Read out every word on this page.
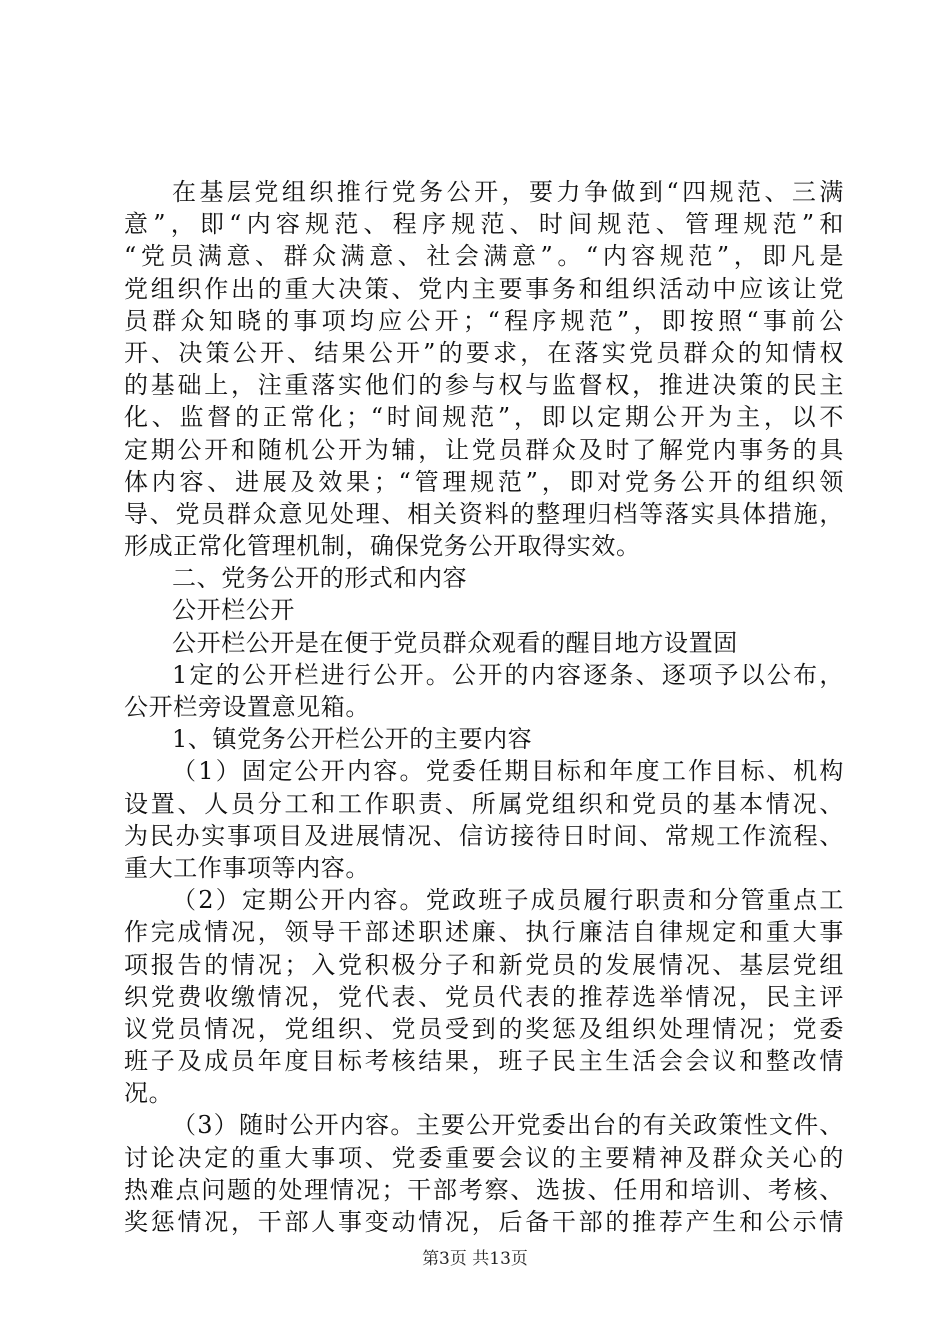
在基层党组织推行党务公开，要力争做到“四规范、三满
意”，即“内容规范、程序规范、时间规范、管理规范”和
“党员满意、群众满意、社会满意”。“内容规范”，即凡是
党组织作出的重大决策、党内主要事务和组织活动中应该让党
员群众知晓的事项均应公开；“程序规范”，即按照“事前公
开、决策公开、结果公开”的要求，在落实党员群众的知情权
的基础上，注重落实他们的参与权与监督权，推进决策的民主
化、监督的正常化；“时间规范”，即以定期公开为主，以不
定期公开和随机公开为辅，让党员群众及时了解党内事务的具
体内容、进展及效果；“管理规范”，即对党务公开的组织领
导、党员群众意见处理、相关资料的整理归档等落实具体措施，
形成正常化管理机制，确保党务公开取得实效。
二、党务公开的形式和内容
公开栏公开
公开栏公开是在便于党员群众观看的醒目地方设置固
1定的公开栏进行公开。公开的内容逐条、逐项予以公布，
公开栏旁设置意见箱。
1、镇党务公开栏公开的主要内容
（1）固定公开内容。党委任期目标和年度工作目标、机构
设置、人员分工和工作职责、所属党组织和党员的基本情况、
为民办实事项目及进展情况、信访接待日时间、常规工作流程、
重大工作事项等内容。
（2）定期公开内容。党政班子成员履行职责和分管重点工
作完成情况，领导干部述职述廉、执行廉洁自律规定和重大事
项报告的情况；入党积极分子和新党员的发展情况、基层党组
织党费收缴情况，党代表、党员代表的推荐选举情况，民主评
议党员情况，党组织、党员受到的奖惩及组织处理情况；党委
班子及成员年度目标考核结果，班子民主生活会会议和整改情
况。
（3）随时公开内容。主要公开党委出台的有关政策性文件、
讨论决定的重大事项、党委重要会议的主要精神及群众关心的
热难点问题的处理情况；干部考察、选拔、任用和培训、考核、
奖惩情况，干部人事变动情况，后备干部的推荐产生和公示情
第3页 共13页
